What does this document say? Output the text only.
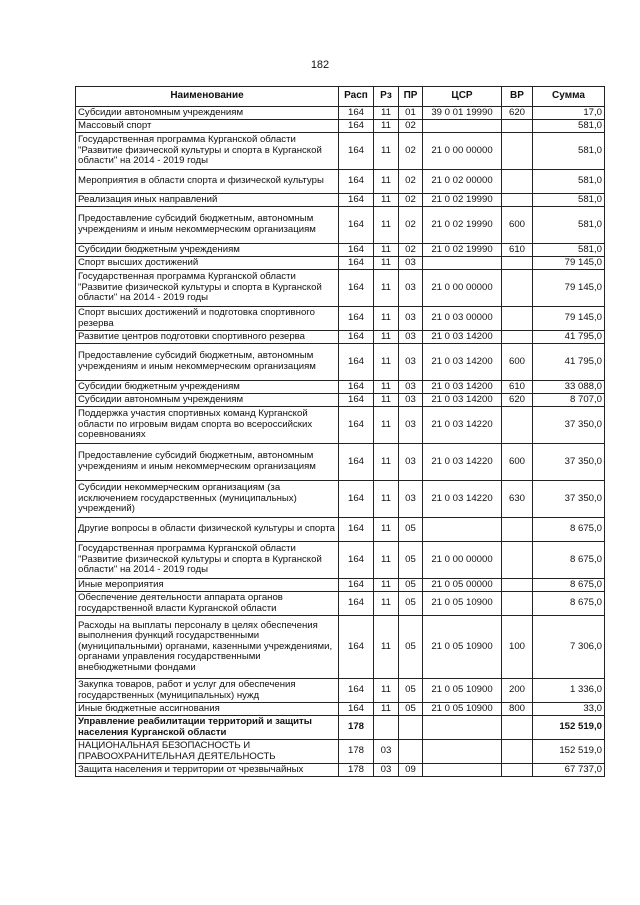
182
Наименование	Расп	Рз	ПР	ЦСР	ВР	Сумма
Субсидии автономным учреждениям	164	11	01	39 0 01 19990	620	17,0
Массовый спорт	164	11	02			581,0
Государственная программа Курганской области "Развитие физической культуры и спорта в Курганской области" на 2014 - 2019 годы	164	11	02	21 0 00 00000		581,0
Мероприятия в области спорта и физической культуры	164	11	02	21 0 02 00000		581,0
Реализация иных направлений	164	11	02	21 0 02 19990		581,0
Предоставление субсидий бюджетным, автономным учреждениям и иным некоммерческим организациям	164	11	02	21 0 02 19990	600	581,0
Субсидии бюджетным учреждениям	164	11	02	21 0 02 19990	610	581,0
Спорт высших достижений	164	11	03			79 145,0
Государственная программа Курганской области "Развитие физической культуры и спорта в Курганской области" на 2014 - 2019 годы	164	11	03	21 0 00 00000		79 145,0
Спорт высших достижений и подготовка спортивного резерва	164	11	03	21 0 03 00000		79 145,0
Развитие центров подготовки спортивного резерва	164	11	03	21 0 03 14200		41 795,0
Предоставление субсидий бюджетным, автономным учреждениям и иным некоммерческим организациям	164	11	03	21 0 03 14200	600	41 795,0
Субсидии бюджетным учреждениям	164	11	03	21 0 03 14200	610	33 088,0
Субсидии автономным учреждениям	164	11	03	21 0 03 14200	620	8 707,0
Поддержка участия спортивных команд Курганской области по игровым видам спорта во всероссийских соревнованиях	164	11	03	21 0 03 14220		37 350,0
Предоставление субсидий бюджетным, автономным учреждениям и иным некоммерческим организациям	164	11	03	21 0 03 14220	600	37 350,0
Субсидии некоммерческим организациям (за исключением государственных (муниципальных) учреждений)	164	11	03	21 0 03 14220	630	37 350,0
Другие вопросы в области физической культуры и спорта	164	11	05			8 675,0
Государственная программа Курганской области "Развитие физической культуры и спорта в Курганской области" на 2014 - 2019 годы	164	11	05	21 0 00 00000		8 675,0
Иные мероприятия	164	11	05	21 0 05 00000		8 675,0
Обеспечение деятельности аппарата органов государственной власти Курганской области	164	11	05	21 0 05 10900		8 675,0
Расходы на выплаты персоналу в целях обеспечения выполнения функций государственными (муниципальными) органами, казенными учреждениями, органами управления государственными внебюджетными фондами	164	11	05	21 0 05 10900	100	7 306,0
Закупка товаров, работ и услуг для обеспечения государственных (муниципальных) нужд	164	11	05	21 0 05 10900	200	1 336,0
Иные бюджетные ассигнования	164	11	05	21 0 05 10900	800	33,0
Управление реабилитации территорий и защиты населения Курганской области	178					152 519,0
НАЦИОНАЛЬНАЯ БЕЗОПАСНОСТЬ И ПРАВООХРАНИТЕЛЬНАЯ ДЕЯТЕЛЬНОСТЬ	178	03				152 519,0
Защита населения и территории от чрезвычайных	178	03	09			67 737,0
